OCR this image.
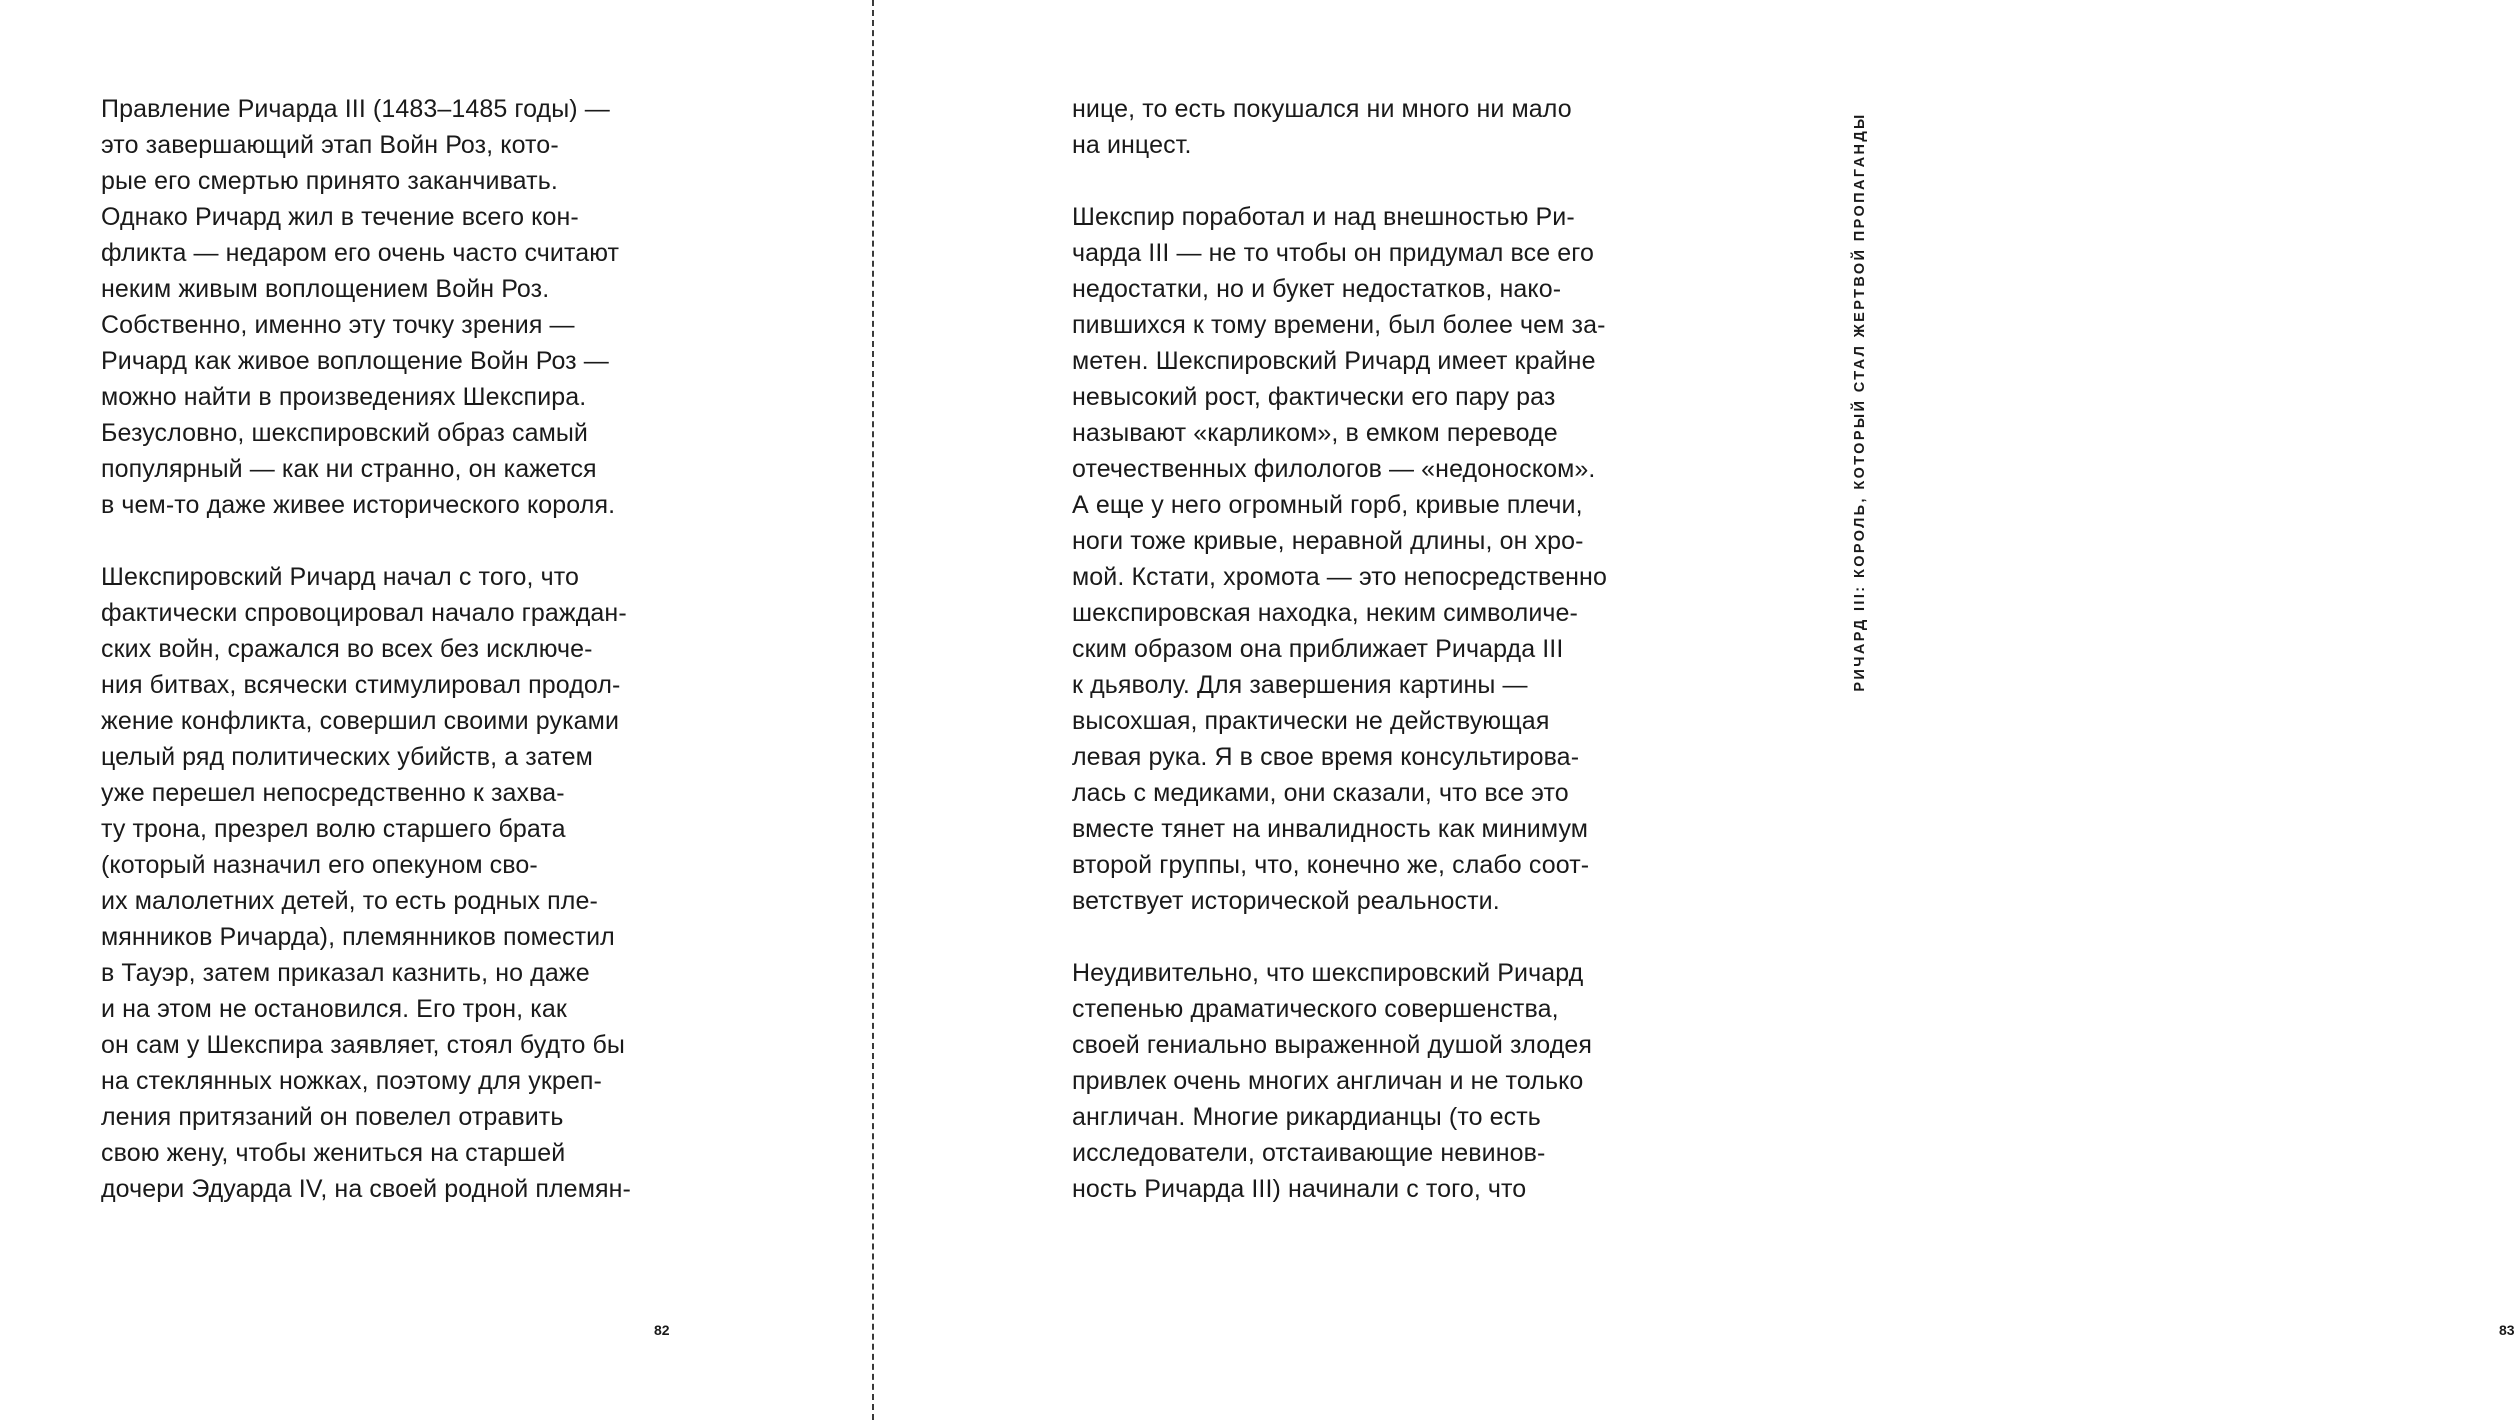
Правление Ричарда III (1483–1485 годы) —
это завершающий этап Войн Роз, кото-
рые его смертью принято заканчивать.
Однако Ричард жил в течение всего кон-
фликта — недаром его очень часто считают
неким живым воплощением Войн Роз.
Собственно, именно эту точку зрения —
Ричард как живое воплощение Войн Роз —
можно найти в произведениях Шекспира.
Безусловно, шекспировский образ самый
популярный — как ни странно, он кажется
в чем-то даже живее исторического короля.
Шекспировский Ричард начал с того, что
фактически спровоцировал начало граждан-
ских войн, сражался во всех без исключе-
ния битвах, всячески стимулировал продол-
жение конфликта, совершил своими руками
целый ряд политических убийств, а затем
уже перешел непосредственно к захва-
ту трона, презрел волю старшего брата
(который назначил его опекуном сво-
их малолетних детей, то есть родных пле-
мянников Ричарда), племянников поместил
в Тауэр, затем приказал казнить, но даже
и на этом не остановился. Его трон, как
он сам у Шекспира заявляет, стоял будто бы
на стеклянных ножках, поэтому для укреп-
ления притязаний он повелел отравить
свою жену, чтобы жениться на старшей
дочери Эдуарда IV, на своей родной племян-
82
РИЧАРД III: КОРОЛЬ, КОТОРЫЙ СТАЛ ЖЕРТВОЙ ПРОПАГАНДЫ
83
нице, то есть покушался ни много ни мало
на инцест.
Шекспир поработал и над внешностью Ри-
чарда III — не то чтобы он придумал все его
недостатки, но и букет недостатков, нако-
пившихся к тому времени, был более чем за-
метен. Шекспировский Ричард имеет крайне
невысокий рост, фактически его пару раз
называют «карликом», в емком переводе
отечественных филологов — «недоноском».
А еще у него огромный горб, кривые плечи,
ноги тоже кривые, неравной длины, он хро-
мой. Кстати, хромота — это непосредственно
шекспировская находка, неким символиче-
ским образом она приближает Ричарда III
к дьяволу. Для завершения картины —
высохшая, практически не действующая
левая рука. Я в свое время консультирова-
лась с медиками, они сказали, что все это
вместе тянет на инвалидность как минимум
второй группы, что, конечно же, слабо соот-
ветствует исторической реальности.
Неудивительно, что шекспировский Ричард
степенью драматического совершенства,
своей гениально выраженной душой злодея
привлек очень многих англичан и не только
англичан. Многие рикардианцы (то есть
исследователи, отстаивающие невинов-
ность Ричарда III) начинали с того, что
